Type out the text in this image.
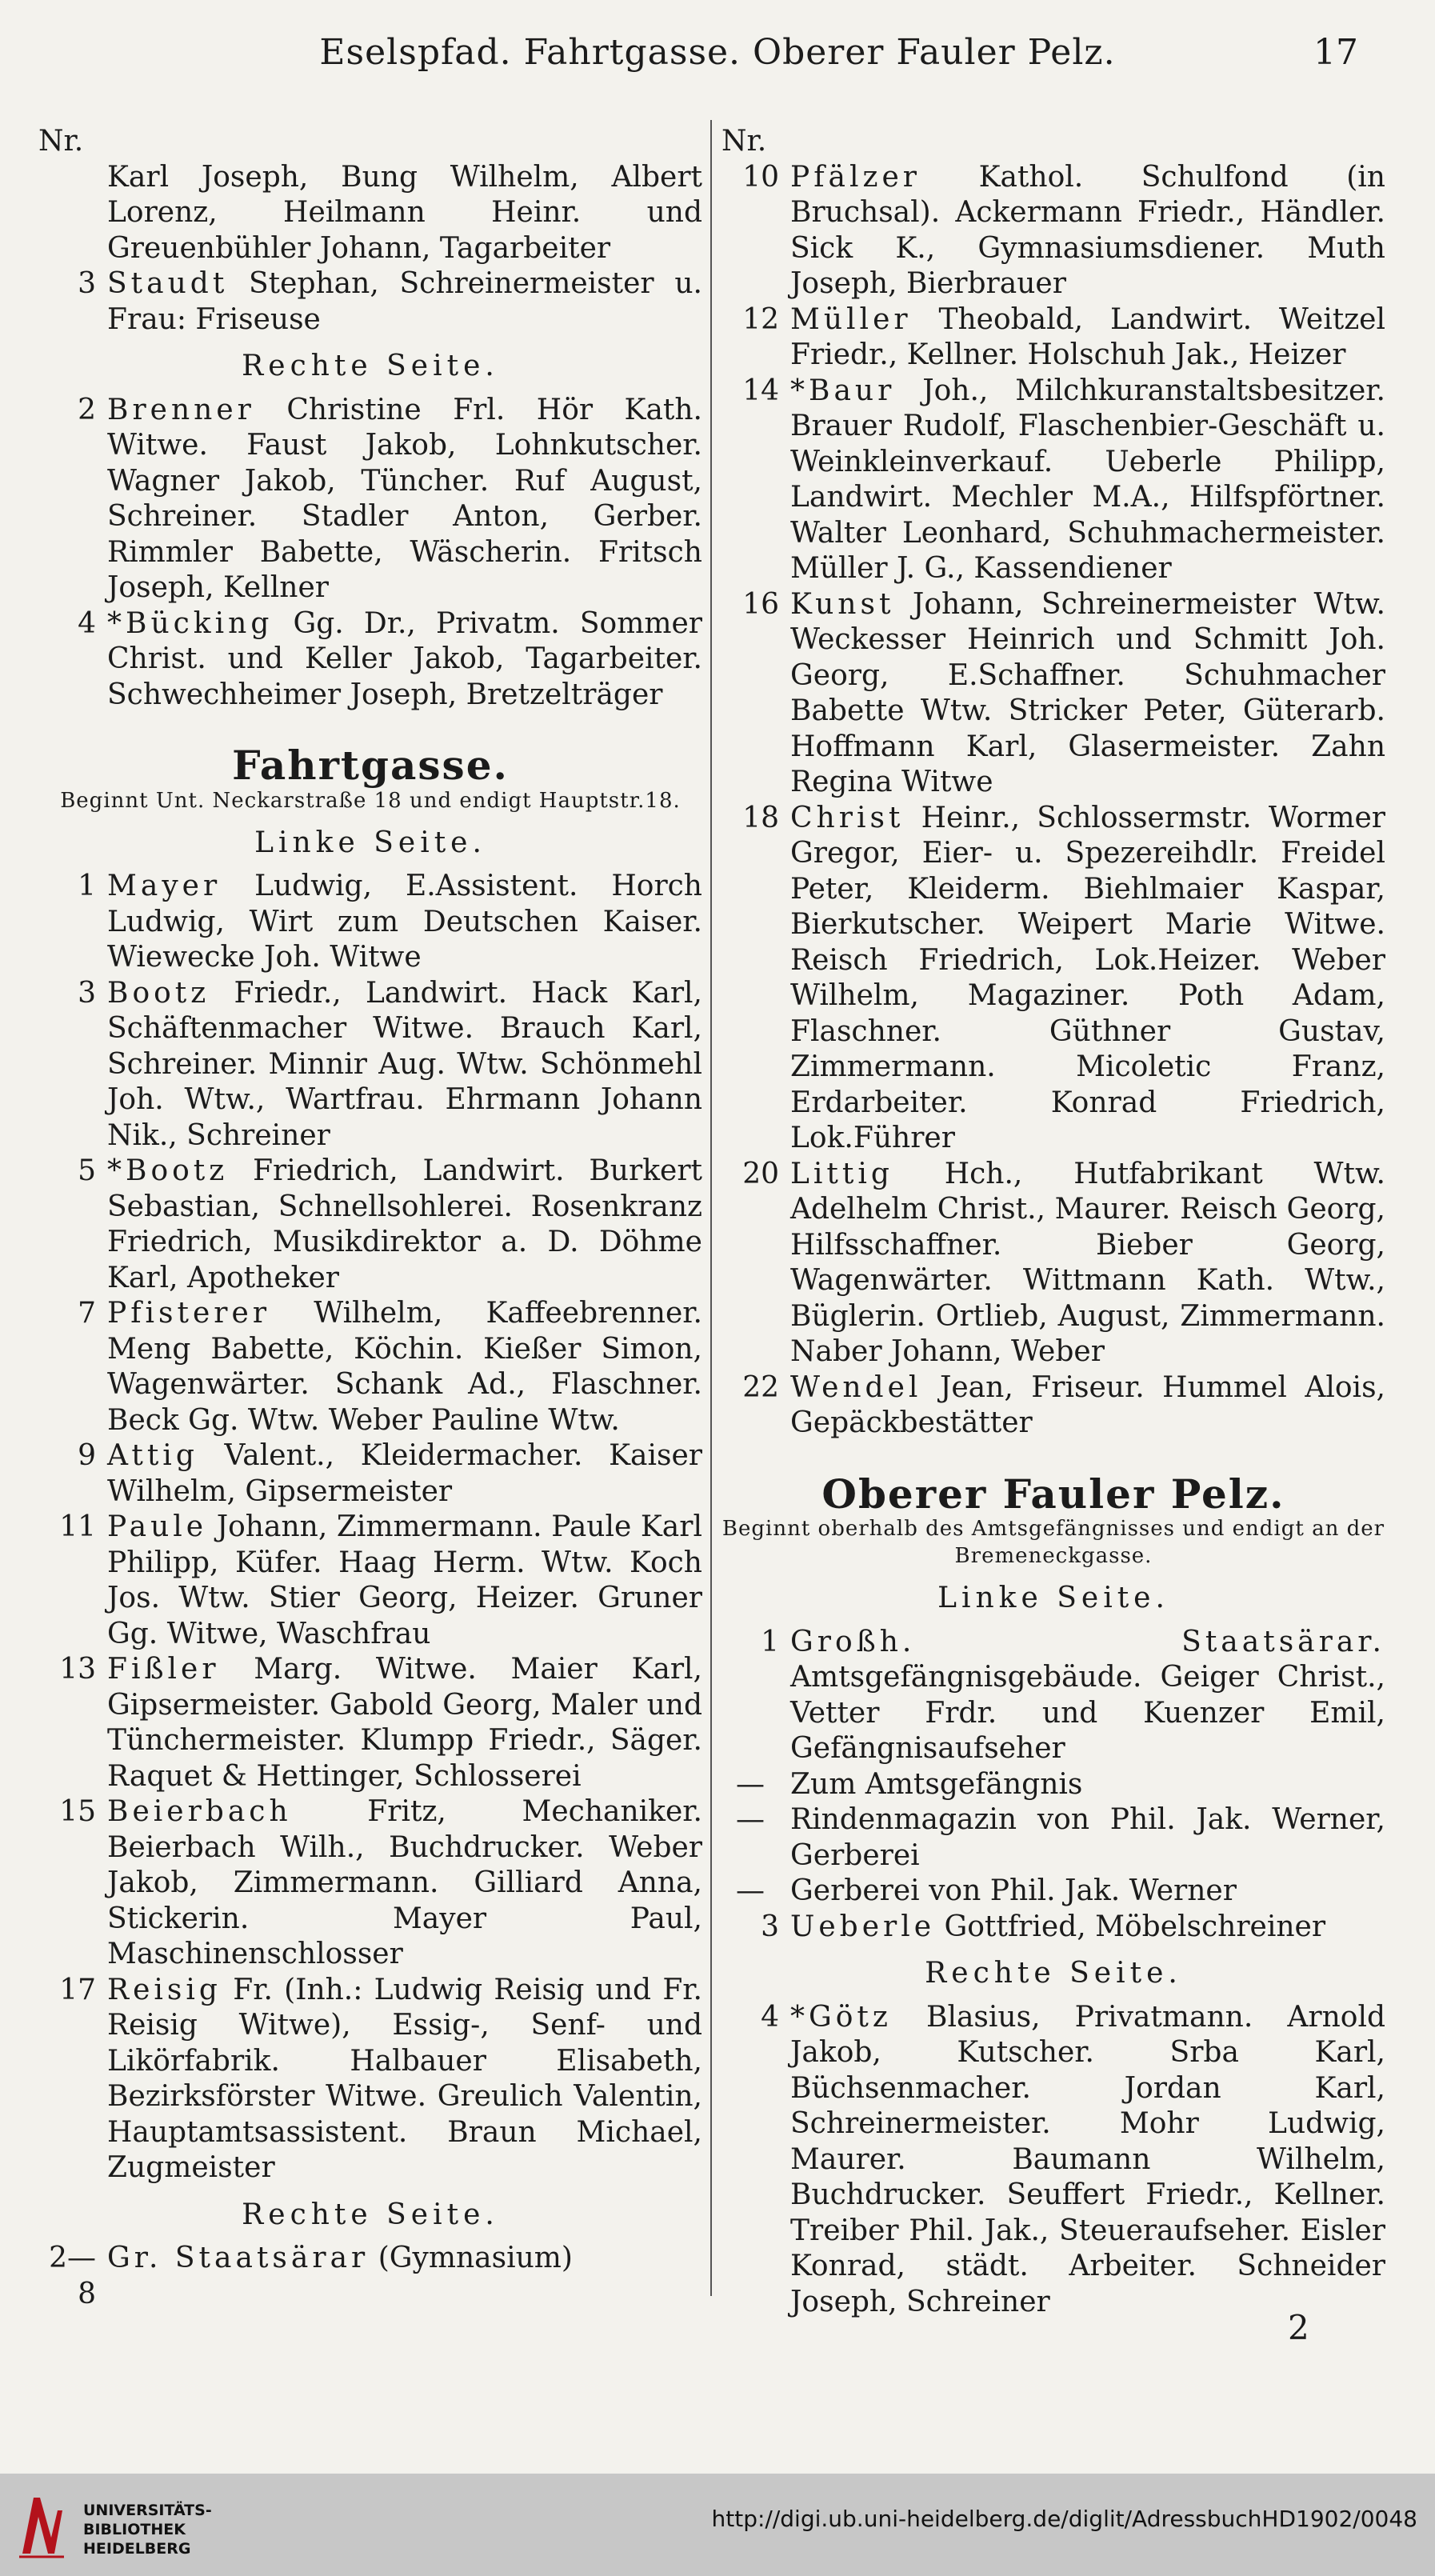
Eselspfad. Fahrtgasse. Oberer Fauler Pelz.	17
Nr.
Karl Joseph, Bung Wilhelm, Albert Lorenz, Heilmann Heinr. und Greuenbühler Johann, Tagarbeiter
3 Staudt Stephan, Schreinermeister u. Frau: Friseuse
Rechte Seite.
2 Brenner Christine Frl. Hör Kath. Witwe. Faust Jakob, Lohnkutscher. Wagner Jakob, Tüncher. Ruf August, Schreiner. Stadler Anton, Gerber. Rimmler Babette, Wäscherin. Fritsch Joseph, Kellner
4 *Bücking Gg. Dr., Privatm. Sommer Christ. und Keller Jakob, Tagarbeiter. Schwechheimer Joseph, Bretzelträger
Fahrtgasse.
Beginnt Unt. Neckarstraße 18 und endigt Hauptstr.18.
Linke Seite.
1 Mayer Ludwig, E.Assistent. Horch Ludwig, Wirt zum Deutschen Kaiser. Wiewecke Joh. Witwe
3 Bootz Friedr., Landwirt. Hack Karl, Schäftenmacher Witwe. Brauch Karl, Schreiner. Minnir Aug. Wtw. Schönmehl Joh. Wtw., Wartfrau. Ehrmann Johann Nik., Schreiner
5 *Bootz Friedrich, Landwirt. Burkert Sebastian, Schnellsohlerei. Rosenkranz Friedrich, Musikdirektor a. D. Döhme Karl, Apotheker
7 Pfisterer Wilhelm, Kaffeebrenner. Meng Babette, Köchin. Kießer Simon, Wagenwärter. Schank Ad., Flaschner. Beck Gg. Wtw. Weber Pauline Wtw.
9 Attig Valent., Kleidermacher. Kaiser Wilhelm, Gipsermeister
11 Paule Johann, Zimmermann. Paule Karl Philipp, Küfer. Haag Herm. Wtw. Koch Jos. Wtw. Stier Georg, Heizer. Gruner Gg. Witwe, Waschfrau
13 Fißler Marg. Witwe. Maier Karl, Gipsermeister. Gabold Georg, Maler und Tünchermeister. Klumpp Friedr., Säger. Raquet & Hettinger, Schlosserei
15 Beierbach Fritz, Mechaniker. Beierbach Wilh., Buchdrucker. Weber Jakob, Zimmermann. Gilliard Anna, Stickerin. Mayer Paul, Maschinenschlosser
17 Reisig Fr. (Inh.: Ludwig Reisig und Fr. Reisig Witwe), Essig-, Senf- und Likörfabrik. Halbauer Elisabeth, Bezirksförster Witwe. Greulich Valentin, Hauptamtsassistent. Braun Michael, Zugmeister
Rechte Seite.
2—8
Gr. Staatsärar (Gymnasium)
Nr.
10 Pfälzer Kathol. Schulfond (in Bruchsal). Ackermann Friedr., Händler. Sick K., Gymnasiumsdiener. Muth Joseph, Bierbrauer
12 Müller Theobald, Landwirt. Weitzel Friedr., Kellner. Holschuh Jak., Heizer
14 *Baur Joh., Milchkuranstaltsbesitzer. Brauer Rudolf, Flaschenbier-Geschäft u. Weinkleinverkauf. Ueberle Philipp, Landwirt. Mechler M.A., Hilfspförtner. Walter Leonhard, Schuhmachermeister. Müller J. G., Kassendiener
16 Kunst Johann, Schreinermeister Wtw. Weckesser Heinrich und Schmitt Joh. Georg, E.Schaffner. Schuhmacher Babette Wtw. Stricker Peter, Güterarb. Hoffmann Karl, Glasermeister. Zahn Regina Witwe
18 Christ Heinr., Schlossermstr. Wormer Gregor, Eier- u. Spezereihdlr. Freidel Peter, Kleiderm. Biehlmaier Kaspar, Bierkutscher. Weipert Marie Witwe. Reisch Friedrich, Lok.Heizer. Weber Wilhelm, Magaziner. Poth Adam, Flaschner. Güthner Gustav, Zimmermann. Micoletic Franz, Erdarbeiter. Konrad Friedrich, Lok.Führer
20 Littig Hch., Hutfabrikant Wtw. Adelhelm Christ., Maurer. Reisch Georg, Hilfsschaffner. Bieber Georg, Wagenwärter. Wittmann Kath. Wtw., Büglerin. Ortlieb, August, Zimmermann. Naber Johann, Weber
22 Wendel Jean, Friseur. Hummel Alois, Gepäckbestätter
Oberer Fauler Pelz.
Beginnt oberhalb des Amtsgefängnisses und endigt an der Bremeneckgasse.
Linke Seite.
1 Großh. Staatsärar. Amtsgefängnisgebäude. Geiger Christ., Vetter Frdr. und Kuenzer Emil, Gefängnisaufseher
— Zum Amtsgefängnis
— Rindenmagazin von Phil. Jak. Werner, Gerberei
— Gerberei von Phil. Jak. Werner
3 Ueberle Gottfried, Möbelschreiner
Rechte Seite.
4 *Götz Blasius, Privatmann. Arnold Jakob, Kutscher. Srba Karl, Büchsenmacher. Jordan Karl, Schreinermeister. Mohr Ludwig, Maurer. Baumann Wilhelm, Buchdrucker. Seuffert Friedr., Kellner. Treiber Phil. Jak., Steueraufseher. Eisler Konrad, städt. Arbeiter. Schneider Joseph, Schreiner
2
UNIVERSITÄTS-
BIBLIOTHEK
HEIDELBERG
http://digi.ub.uni-heidelberg.de/diglit/AdressbuchHD1902/0048
